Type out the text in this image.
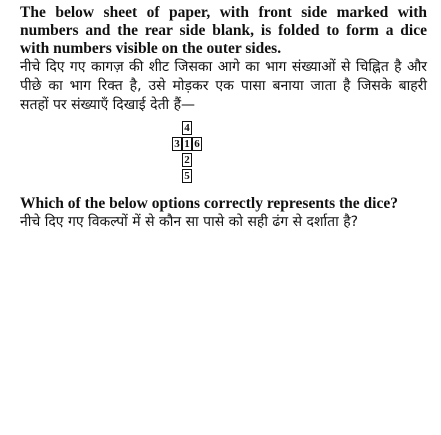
The below sheet of paper, with front side marked with numbers and the rear side blank, is folded to form a dice with numbers visible on the outer sides.

नीचे दिए गए कागज़ की शीट जिसका आगे का भाग संख्याओं से चिह्नित है और पीछे का भाग रिक्त है, उसे मोड़कर एक पासा बनाया जाता है जिसके बाहरी सतहों पर संख्याएँ दिखाई देती हैं—

4
3 1 6
2
5

Which of the below options correctly represents the dice?

नीचे दिए गए विकल्पों में से कौन सा पासे को सही ढंग से दर्शाता है?
